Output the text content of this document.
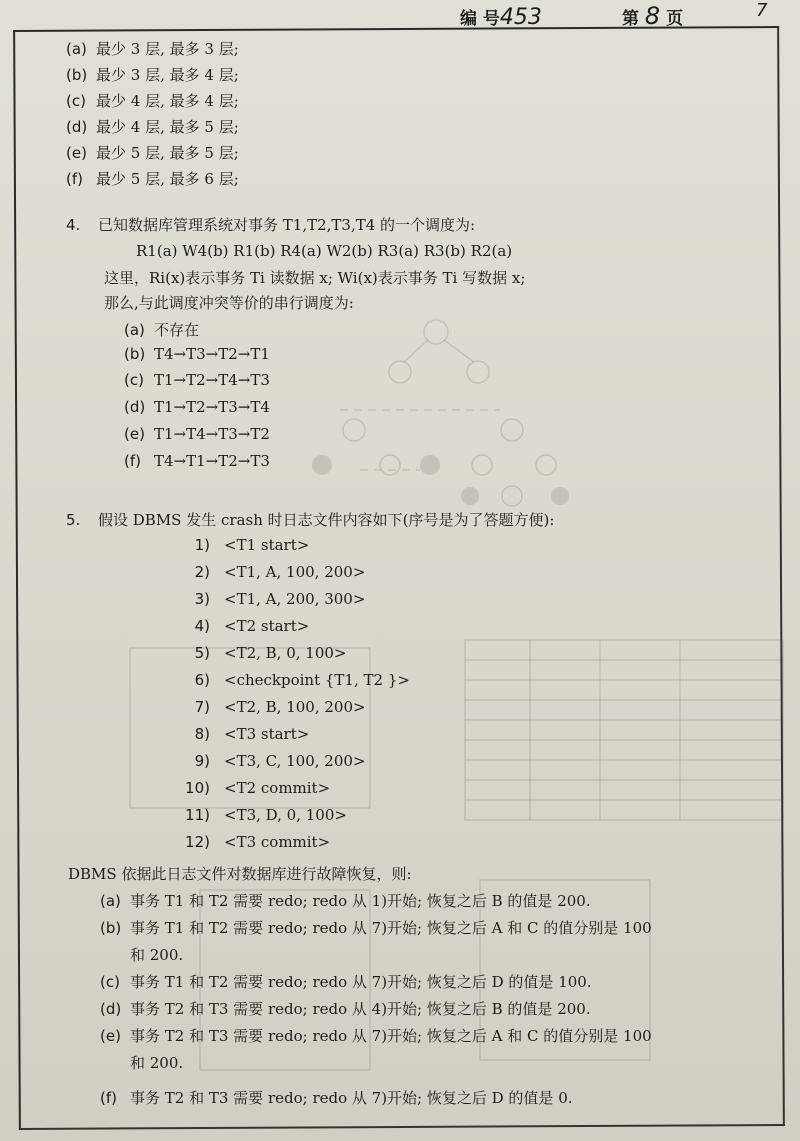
编 号453	第 8 页	7
(a) 最少 3 层, 最多 3 层;
(b) 最少 3 层, 最多 4 层;
(c) 最少 4 层, 最多 4 层;
(d) 最少 4 层, 最多 5 层;
(e) 最少 5 层, 最多 5 层;
(f) 最少 5 层, 最多 6 层;
4. 已知数据库管理系统对事务 T1,T2,T3,T4 的一个调度为:
R1(a) W4(b) R1(b) R4(a) W2(b) R3(a) R3(b) R2(a)
这里，Ri(x)表示事务 Ti 读数据 x; Wi(x)表示事务 Ti 写数据 x;
那么,与此调度冲突等价的串行调度为:
(a) 不存在
(b) T4→T3→T2→T1
(c) T1→T2→T4→T3
(d) T1→T2→T3→T4
(e) T1→T4→T3→T2
(f) T4→T1→T2→T3
5. 假设 DBMS 发生 crash 时日志文件内容如下(序号是为了答题方便):
1) <T1 start>
2) <T1, A, 100, 200>
3) <T1, A, 200, 300>
4) <T2 start>
5) <T2, B, 0, 100>
6) <checkpoint {T1, T2 }>
7) <T2, B, 100, 200>
8) <T3 start>
9) <T3, C, 100, 200>
10) <T2 commit>
11) <T3, D, 0, 100>
12) <T3 commit>
DBMS 依据此日志文件对数据库进行故障恢复，则:
(a) 事务 T1 和 T2 需要 redo; redo 从 1)开始; 恢复之后 B 的值是 200.
(b) 事务 T1 和 T2 需要 redo; redo 从 7)开始; 恢复之后 A 和 C 的值分别是 100
和 200.
(c) 事务 T1 和 T2 需要 redo; redo 从 7)开始; 恢复之后 D 的值是 100.
(d) 事务 T2 和 T3 需要 redo; redo 从 4)开始; 恢复之后 B 的值是 200.
(e) 事务 T2 和 T3 需要 redo; redo 从 7)开始; 恢复之后 A 和 C 的值分别是 100
和 200.
(f) 事务 T2 和 T3 需要 redo; redo 从 7)开始; 恢复之后 D 的值是 0.
